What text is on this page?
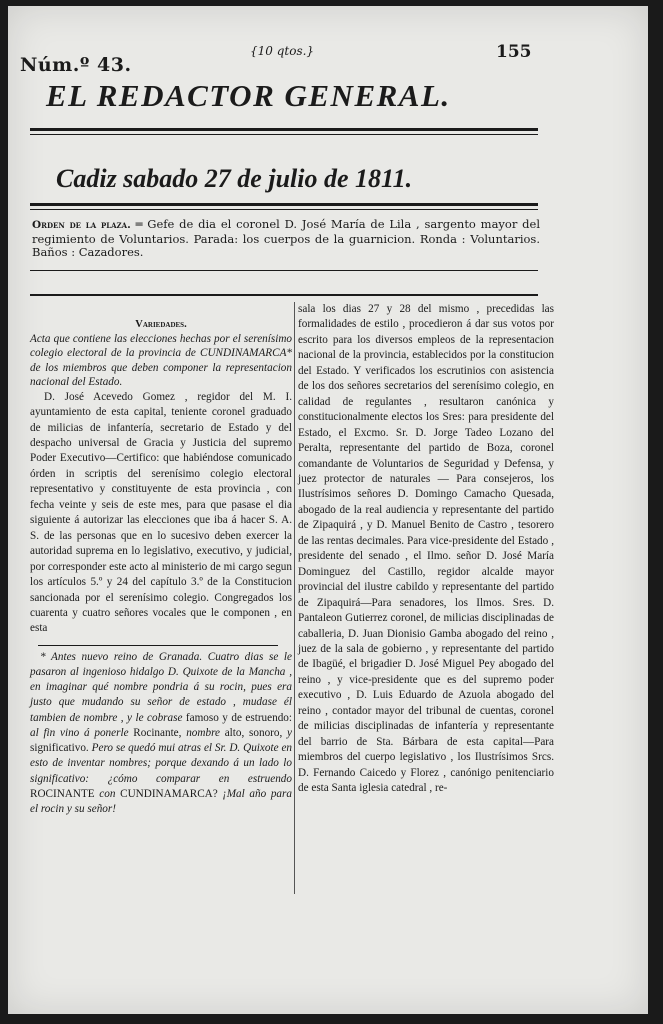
Núm.º 43.
{10 qtos.}	155
EL REDACTOR GENERAL.
Cadiz sabado 27 de julio de 1811.
Orden de la plaza. ═ Gefe de dia el coronel D. José María de Lila , sargento mayor del regimiento de Voluntarios. Parada: los cuerpos de la guarnicion. Ronda : Voluntarios. Baños : Cazadores.

Variedades.

Acta que contiene las elecciones hechas por el serenísimo colegio electoral de la provincia de CUNDINAMARCA* de los miembros que deben componer la representacion nacional del Estado.

D. José Acevedo Gomez , regidor del M. I. ayuntamiento de esta capital, teniente coronel graduado de milicias de infantería, secretario de Estado y del despacho universal de Gracia y Justicia del supremo Poder Executivo—Certifico: que habiéndose comunicado órden in scriptis del serenísimo colegio electoral representativo y constituyente de esta provincia , con fecha veinte y seis de este mes, para que pasase el dia siguiente á autorizar las elecciones que iba á hacer S. A. S. de las personas que en lo sucesivo deben exercer la autoridad suprema en lo legislativo, executivo, y judicial, por corresponder este acto al ministerio de mi cargo segun los artículos 5.º y 24 del capítulo 3.º de la Constitucion sancionada por el serenísimo colegio. Congregados los cuarenta y cuatro señores vocales que le componen , en esta

* Antes nuevo reino de Granada. Cuatro dias se le pasaron al ingenioso hidalgo D. Quixote de la Mancha , en imaginar qué nombre pondria á su rocin, pues era justo que mudando su señor de estado , mudase él tambien de nombre , y le cobrase famoso y de estruendo: al fin vino á ponerle Rocinante, nombre alto, sonoro, y significativo. Pero se quedó mui atras el Sr. D. Quixote en esto de inventar nombres; porque dexando á un lado lo significativo: ¿cómo comparar en estruendo ROCINANTE con CUNDINAMARCA? ¡Mal año para el rocin y su señor!

sala los dias 27 y 28 del mismo , precedidas las formalidades de estilo , procedieron á dar sus votos por escrito para los diversos empleos de la representacion nacional de la provincia, establecidos por la constitucion del Estado. Y verificados los escrutinios con asistencia de los dos señores secretarios del serenísimo colegio, en calidad de regulantes , resultaron canónica y constitucionalmente electos los Sres: para presidente del Estado, el Excmo. Sr. D. Jorge Tadeo Lozano del Peralta, representante del partido de Boza, coronel comandante de Voluntarios de Seguridad y Defensa, y juez protector de naturales — Para consejeros, los Ilustrísimos señores D. Domingo Camacho Quesada, abogado de la real audiencia y representante del partido de Zipaquirá , y D. Manuel Benito de Castro , tesorero de las rentas decimales. Para vice-presidente del Estado , presidente del senado , el Ilmo. señor D. José María Dominguez del Castillo, regidor alcalde mayor provincial del ilustre cabildo y representante del partido de Zipaquirá—Para senadores, los Ilmos. Sres. D. Pantaleon Gutierrez coronel, de milicias disciplinadas de caballeria, D. Juan Dionisio Gamba abogado del reino , juez de la sala de gobierno , y representante del partido de Ibagüé, el brigadier D. José Miguel Pey abogado del reino , y vice-presidente que es del supremo poder executivo , D. Luis Eduardo de Azuola abogado del reino , contador mayor del tribunal de cuentas, coronel de milicias disciplinadas de infantería y representante del barrio de Sta. Bárbara de esta capital—Para miembros del cuerpo legislativo , los Ilustrísimos Srcs. D. Fernando Caicedo y Florez , canónigo penitenciario de esta Santa iglesia catedral , re-
